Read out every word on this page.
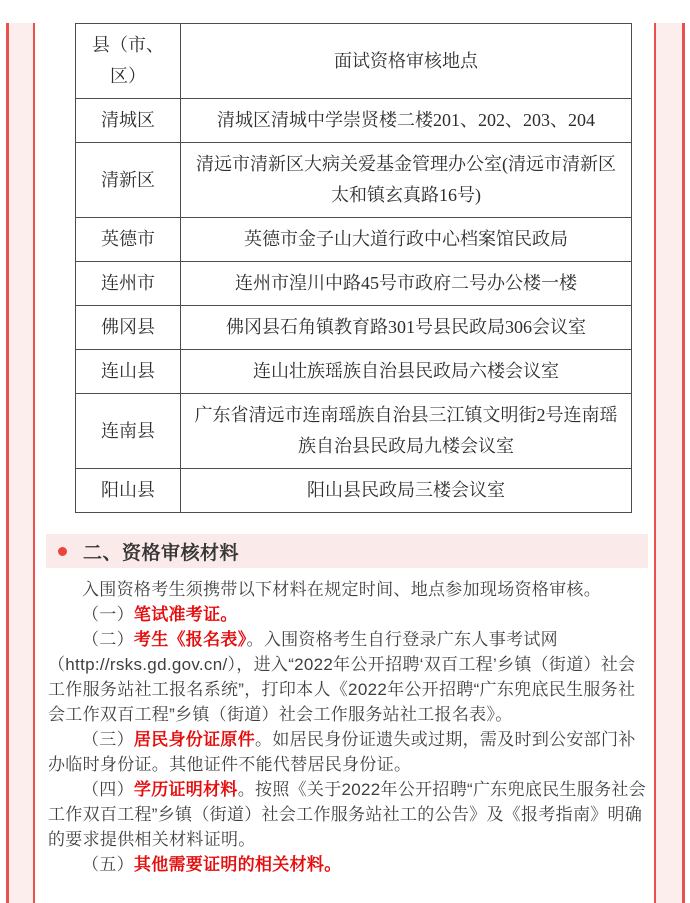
县（市、区）	面试资格审核地点
清城区	清城区清城中学崇贤楼二楼201、202、203、204
清新区	清远市清新区大病关爱基金管理办公室(清远市清新区太和镇玄真路16号)
英德市	英德市金子山大道行政中心档案馆民政局
连州市	连州市湟川中路45号市政府二号办公楼一楼
佛冈县	佛冈县石角镇教育路301号县民政局306会议室
连山县	连山壮族瑶族自治县民政局六楼会议室
连南县	广东省清远市连南瑶族自治县三江镇文明街2号连南瑶族自治县民政局九楼会议室
阳山县	阳山县民政局三楼会议室
二、资格审核材料

入围资格考生须携带以下材料在规定时间、地点参加现场资格审核。

（一）笔试准考证。

（二）考生《报名表》。入围资格考生自行登录广东人事考试网（http://rsks.gd.gov.cn/），进入“2022年公开招聘‘双百工程’乡镇（街道）社会工作服务站社工报名系统”，打印本人《2022年公开招聘“广东兜底民生服务社会工作双百工程”乡镇（街道）社会工作服务站社工报名表》。

（三）居民身份证原件。如居民身份证遗失或过期，需及时到公安部门补办临时身份证。其他证件不能代替居民身份证。

（四）学历证明材料。按照《关于2022年公开招聘“广东兜底民生服务社会工作双百工程”乡镇（街道）社会工作服务站社工的公告》及《报考指南》明确的要求提供相关材料证明。

（五）其他需要证明的相关材料。
